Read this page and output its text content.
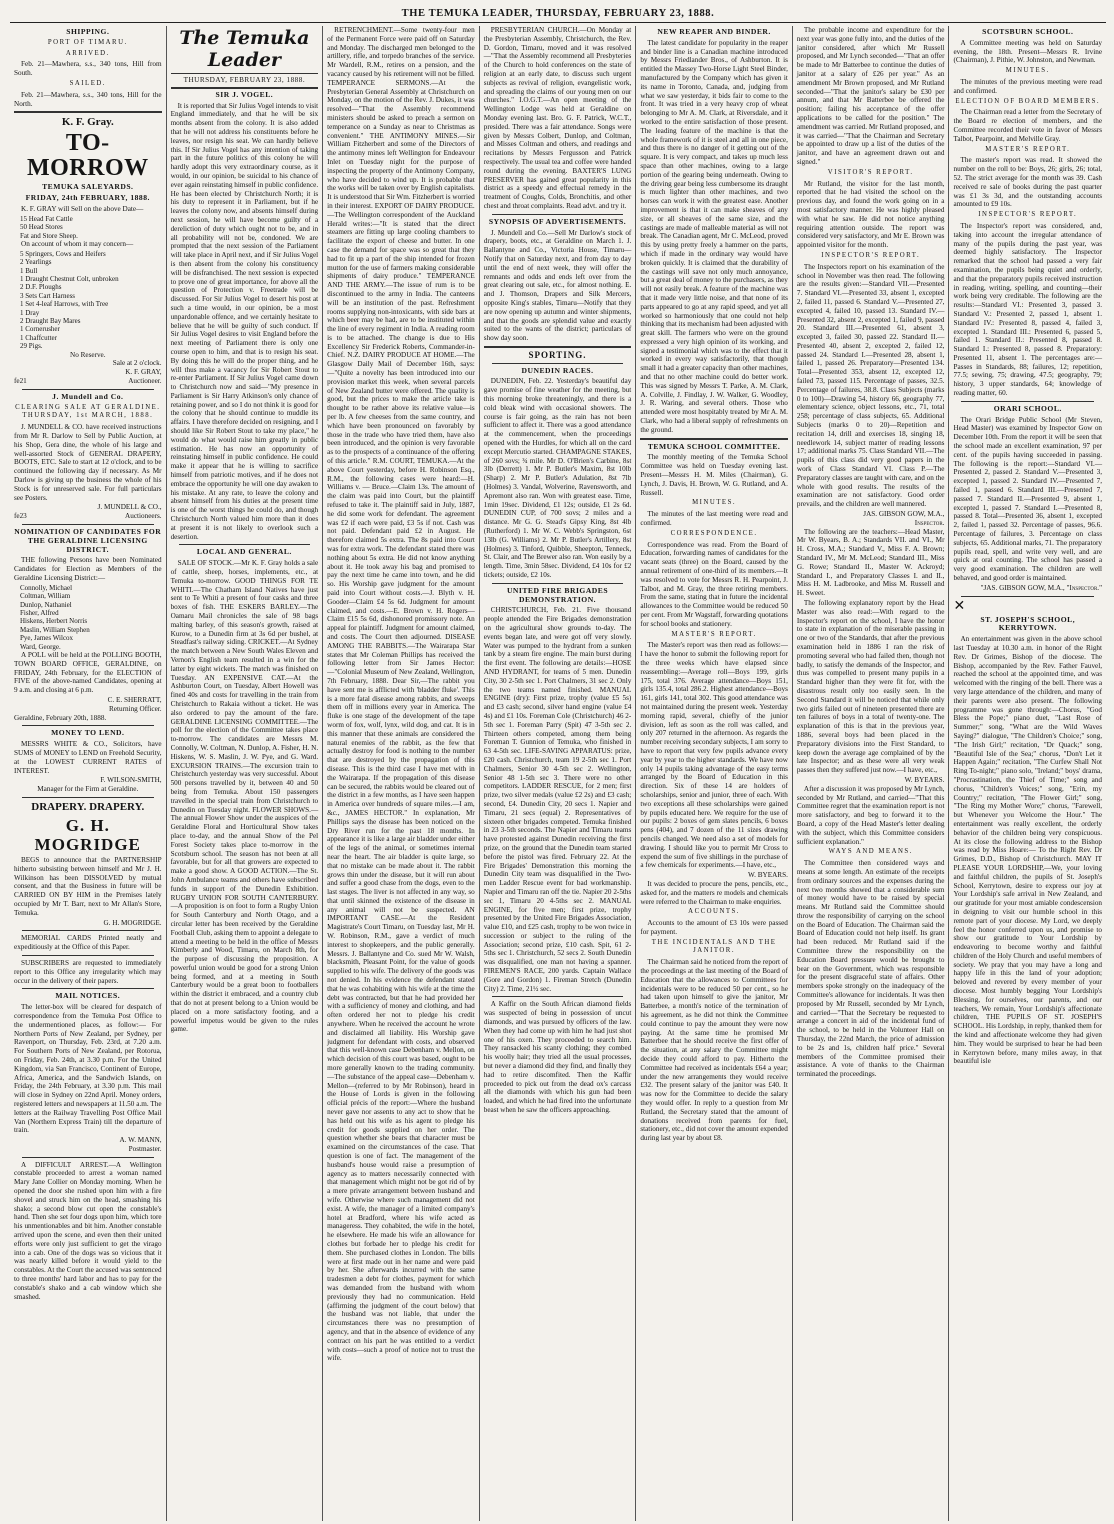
THE TEMUKA LEADER, THURSDAY, FEBRUARY 23, 1888.
SHIPPING.
PORT OF TIMARU.
ARRIVED.

Feb. 21—Mawhera, s.s., 340 tons, Hill from South.

SAILED.

Feb. 21—Mawhera, s.s., 340 tons, Hill for the North.

K. F. Gray.
TO-MORROW
TEMUKA SALEYARDS.
FRIDAY, 24th FEBRUARY, 1888.

K. F. GRAY will Sell on the above Date—

15 Head Fat Cattle
50 Head Stores
Fat and Store Sheep.

On account of whom it may concern—

5 Springers, Cows and Heifers
2 Yearlings
1 Bull
1 Draught Chestnut Colt, unbroken
2 D.F. Ploughs
3 Sets Cart Harness
1 Set 4-leaf Harrows, with Tree
1 Dray
2 Draught Bay Mares
1 Cornerusher
1 Chaffcutter
29 Pigs.
No Reserve.
Sale at 2 o'clock.
K. F. GRAY,
fe21	Auctioneer.
J. Mundell and Co.
CLEARING SALE AT GERALDINE. THURSDAY, 1st MARCH, 1888.

J. MUNDELL & CO. have received instructions from Mr R. Darlow to Sell by Public Auction, at his Shop, Gera dine, the whole of his large and well-assorted Stock of GENERAL DRAPERY, BOOTS, ETC. Sale to start at 12 o'clock, and to be continued the following day if necessary. As Mr Darlow is giving up the business the whole of his Stock is for unreserved sale. For full particulars see Posters.

J. MUNDELL & CO.,
fe23	Auctioneers.
NOMINATION OF CANDIDATES FOR THE GERALDINE LICENSING DISTRICT.

THE following Persons have been Nominated Candidates for Election as Members of the Geraldine Licensing District:—

Connolly, Michael
Coltman, William
Dunlop, Nathaniel
Fisher, Alfred
Hiskens, Herbert Norris
Maslin, William Stephen
Pye, James Wilcox
Ward, George.

A POLL will be held at the POLLING BOOTH, TOWN BOARD OFFICE, GERALDINE, on FRIDAY, 24th February, for the ELECTION of FIVE of the above-named Candidates, opening at 9 a.m. and closing at 6 p.m.

C. E. SHERRATT,
Returning Officer.
Geraldine, February 20th, 1888.
MONEY TO LEND.

MESSRS WHITE & CO., Solicitors, have SUMS of MONEY to LEND on Freehold Security, at the LOWEST CURRENT RATES of INTEREST.

F. WILSON-SMITH,
Manager for the Firm at Geraldine.
DRAPERY. DRAPERY.
G. H. MOGRIDGE

BEGS to announce that the PARTNERSHIP hitherto subsisting between himself and Mr J. H. Wilkinson has been DISSOLVED by mutual consent, and that the Business in future will be CARRIED ON BY HIM in the Premises lately occupied by Mr T. Barr, next to Mr Allan's Store, Temuka.

G. H. MOGRIDGE.

MEMORIAL CARDS Printed neatly and expeditiously at the Office of this Paper.

SUBSCRIBERS are requested to immediately report to this Office any irregularity which may occur in the delivery of their papers.

MAIL NOTICES.

The letter-box will be cleared for despatch of correspondence from the Temuka Post Office to the undermentioned places, as follow:— For Northern Ports of New Zealand, per Sydney, per Ravenport, on Thursday, Feb. 23rd, at 7.20 a.m. For Southern Ports of New Zealand, per Rotorua, on Friday, Feb. 24th, at 3.30 p.m. For the United Kingdom, via San Francisco, Continent of Europe, Africa, America, and the Sandwich Islands, on Friday, the 24th February, at 3.30 p.m. This mail will close in Sydney on 22nd April. Money orders, registered letters and newspapers at 11.50 a.m. The letters at the Railway Travelling Post Office Mail Van (Northern Express Train) till the departure of train.

A. W. MANN,
Postmaster.

A DIFFICULT ARREST.—A Wellington constable proceeded to arrest a woman named Mary Jane Collier on Monday morning. When he opened the door she rushed upon him with a fire shovel and struck him on the head, smashing his shako; a second blow cut open the constable's hand. Then she set four dogs upon him, which tore his unmentionables and bit him. Another constable arrived upon the scene, and even then their united efforts were only just sufficient to get the virago into a cab. One of the dogs was so vicious that it was nearly killed before it would yield to the constables. At the Court the accused was sentenced to three months' hard labor and has to pay for the constable's shako and a cab window which she smashed.

The Temuka Leader
THURSDAY, FEBRUARY 23, 1888.
SIR J. VOGEL.

It is reported that Sir Julius Vogel intends to visit England immediately, and that he will be six months absent from the colony. It is also added that he will not address his constituents before he leaves, nor resign his seat. We can hardly believe this. If Sir Julius Vogel has any intention of taking part in the future politics of this colony he will hardly adopt this very extraordinary course, as it would, in our opinion, be suicidal to his chance of ever again reinstating himself in public confidence. He has been elected by Christchurch North; it is his duty to represent it in Parliament, but if he leaves the colony now, and absents himself during next session, he will have become guilty of a dereliction of duty which ought not to be, and in all probability will not be, condoned. We are prompted that the next session of the Parliament will take place in April next, and if Sir Julius Vogel is then absent from the colony his constituency will be disfranchised. The next session is expected to prove one of great importance, for above all the question of Protection v. Freetrade will be discussed. For Sir Julius Vogel to desert his post at such a time would, in our opinion, be a most unpardonable offence, and we certainly hesitate to believe that he will be guilty of such conduct. If Sir Julius Vogel desires to visit England before the next meeting of Parliament there is only one course open to him, and that is to resign his seat. By doing this he will do the proper thing, and he will thus make a vacancy for Sir Robert Stout to re-enter Parliament. If Sir Julius Vogel came down to Christchurch now and said—"My presence in Parliament is Sir Harry Atkinson's only chance of retaining power, and so I do not think it is good for the colony that he should continue to muddle its affairs. I have therefore decided on resigning, and I should like Sir Robert Stout to take my place," he would do what would raise him greatly in public estimation. He has now an opportunity of reinstating himself in public confidence. He could make it appear that he is willing to sacrifice himself from patriotic motives, and if he does not embrace the opportunity he will one day awaken to his mistake. At any rate, to leave the colony and absent himself from his duties at the present time is one of the worst things he could do, and though Christchurch North valued him more than it does at present it is not likely to overlook such a desertion.

LOCAL AND GENERAL.

SALE OF STOCK.—Mr K. F. Gray holds a sale of cattle, sheep, horses, implements, etc., at Temuka to-morrow. GOOD THINGS FOR TE WHITI.—The Chatham Island Natives have just sent to Te Whiti a present of four casks and three boxes of fish. THE ESKERS BARLEY.—The Oamaru Mail chronicles the sale of 98 bags malting barley, of this season's growth, raised at Kurow, to a Dunedin firm at 3s 6d per bushel, at Steadfast's railway siding. CRICKET.—At Sydney the match between a New South Wales Eleven and Vernon's English team resulted in a win for the latter by eight wickets. The match was finished on Tuesday. AN EXPENSIVE CAT.—At the Ashburton Court, on Tuesday, Albert Howell was fined 40s and costs for travelling in the train from Christchurch to Rakaia without a ticket. He was also ordered to pay the amount of the fare. GERALDINE LICENSING COMMITTEE.—The poll for the election of the Committee takes place to-morrow. The candidates are Messrs M. Connolly, W. Coltman, N. Dunlop, A. Fisher, H. N. Hiskens, W. S. Maslin, J. W. Pye, and G. Ward. EXCURSION TRAINS.—The excursion train to Christchurch yesterday was very successful. About 500 persons travelled by it, between 40 and 50 being from Temuka. About 150 passengers travelled in the special train from Christchurch to Dunedin on Tuesday night. FLOWER SHOWS.—The annual Flower Show under the auspices of the Geraldine Floral and Horticultural Show takes place to-day, and the annual Show of the Pel Forest Society takes place to-morrow in the Scotsburn school. The season has not been at all favorable, but for all that growers are expected to make a good show. A GOOD ACTION.—The St. John Ambulance teams and others have subscribed funds in support of the Dunedin Exhibition. RUGBY UNION FOR SOUTH CANTERBURY.—A proposition is on foot to form a Rugby Union for South Canterbury and North Otago, and a circular letter has been received by the Geraldine Football Club, asking them to appoint a delegate to attend a meeting to be held in the office of Messrs Kimberly and Wood, Timaru, on March 8th, for the purpose of discussing the proposition. A powerful union would be good for a strong Union being formed, and at a meeting in South Canterbury would be a great boon to footballers within the district it embraced, and a country club that do not at present belong to a Union would be placed on a more satisfactory footing, and a powerful impetus would be given to the rules game.

RETRENCHMENT.—Some twenty-four men of the Permanent Force were paid off on Saturday and Monday. The discharged men belonged to the artillery, rifle, and torpedo branches of the service. Mr Wardell, R.M., retires on a pension, and the vacancy caused by his retirement will not be filled. TEMPERANCE SERMONS.—At the Presbyterian General Assembly at Christchurch on Monday, on the motion of the Rev. J. Dukes, it was resolved—"That the Assembly recommend ministers should be asked to preach a sermon on temperance on a Sunday as near to Christmas as convenient." THE ANTIMONY MINES.—Sir William Fitzherbert and some of the Directors of the antimony mines left Wellington for Endeavour Inlet on Tuesday night for the purpose of inspecting the property of the Antimony Company, who have decided to wind up. It is probable that the works will be taken over by English capitalists. It is understood that Sir Wm. Fitzherbert is worried in their interest. EXPORT OF DAIRY PRODUCE.—The Wellington correspondent of the Auckland Herald writes:—"It is stated that the direct steamers are fitting up large cooling chambers to facilitate the export of cheese and butter. In one case the demand for space was so great that they had to fit up a part of the ship intended for frozen mutton for the use of farmers making considerable shipments of dairy produce." TEMPERANCE AND THE ARMY.—The issue of rum is to be discontinued to the army in India. The canteens will be an institution of the past. Refreshment rooms supplying non-intoxicants, with side bars at which beer may be had, are to be instituted within the line of every regiment in India. A reading room is to be attached. The change is due to His Excellency Sir Frederick Roberts, Commander-in-Chief. N.Z. DAIRY PRODUCE AT HOME.—The Glasgow Daily Mail of December 16th, says:—"Quite a novelty has been introduced into our provision market this week, when several parcels of New Zealand butter were offered. The quality is good, but the prices to make the article take is thought to be rather above its relative value—is per lb. A few cheeses from the same country, and which have been pronounced on favorably by those in the trade who have tried them, have also been introduced, and the opinion is very favorable as to the prospects of a continuance of the offering of this article." R.M. COURT, TEMUKA.—At the above Court yesterday, before H. Robinson Esq., R.M., the following cases were heard:—H. Williams v. — Bruce.—Claim 13s. The amount of the claim was paid into Court, but the plaintiff refused to take it. The plaintiff said in July, 1887, he did some work for defendant. The agreement was £2 if each were paid, £3 5s if not. Cash was not paid. Defendant paid £2 in August. He therefore claimed 5s extra. The 8s paid into Court was for extra work. The defendant stated there was nothing about 5s extra. He did not know anything about it. He took away his bag and promised to pay the next time he came into town, and he did so. His Worship gave judgment for the amount paid into Court without costs.—J. Blyth v. H. Gooder—Claim £4 5s 6d. Judgment for amount claimed, and costs.—E. Brown v. H. Rogers—Claim £15 5s 6d, dishonored promissory note. An appeal for plaintiff. Judgment for amount claimed, and costs. The Court then adjourned. DISEASE AMONG THE RABBITS.—The Wairarapa Star states that Mr Coleman Phillips has received the following letter from Sir James Hector:—"Colonial Museum of New Zealand, Wellington, 7th February, 1888. Dear Sir,—The rabbit you have sent me is afflicted with 'bladder fluke'. This is a more fatal disease among rabbits, and sweeps them off in millions every year in America. The fluke is one stage of the development of the tape worm of fox, wolf, lynx, wild dog, and cat. It is in this manner that these animals are considered the natural enemies of the rabbit, as the few that actually destroy for food is nothing to the number that are destroyed by the propagation of this disease. This is the third case I have met with in the Wairarapa. If the propagation of this disease can be secured, the rabbits would be cleared out of the district in a few months, as I have seen happen in America over hundreds of square miles.—I am, &c., JAMES HECTOR." In explanation, Mr Phillips says the disease has been noticed on the Dry River run for the past 18 months. In appearance it is like a large air bladder under either of the legs of the animal, or sometimes internal near the heart. The air bladder is quite large, so that no mistake can be made about it. The rabbit grows thin under the disease, but it will run about and suffer a good chase from the dogs, even to the last stages. The liver is not affected in any way, so that until skinned the existence of the disease in any animal will not be suspected. AN IMPORTANT CASE.—At the Resident Magistrate's Court Timaru, on Tuesday last, Mr H. W. Robinson, R.M., gave a verdict of much interest to shopkeepers, and the public generally. Messrs. J. Ballantyne and Co. sued Mr W. Walsh, blacksmith, Pleasant Point, for the value of goods supplied to his wife. The delivery of the goods was not denied. In his evidence the defendant stated that he was cohabiting with his wife at the time the debt was contracted, but that he had provided her with a sufficiency of money and clothing, and had often ordered her not to pledge his credit anywhere. When he received the account he wrote and disclaimed all liability. His Worship gave judgment for defendant with costs, and observed that this well-known case Debenham v. Mellon, on which decision of this court was based, ought to be more generally known to the trading community.—The substance of the appeal case—Debenham v. Mellon—(referred to by Mr Robinson), heard in the House of Lords is given in the following official précis of the report:—Where the husband never gave nor assents to any act to show that he has held out his wife as his agent to pledge his credit for goods supplied on her order. The question whether she bears that character must be examined on the circumstances of the case. That question is one of fact. The management of the husband's house would raise a presumption of agency as to matters necessarily connected with that management which might not be got rid of by a mere private arrangement between husband and wife. Otherwise where such management did not exist. A wife, the manager of a limited company's hotel at Bradford, where his wife acted as manageress. They cohabited, the wife in the hotel, he elsewhere. He made his wife an allowance for clothes but forbade her to pledge his credit for them. She purchased clothes in London. The bills were at first made out in her name and were paid by her. She afterwards incurred with the same tradesmen a debt for clothes, payment for which was demanded from the husband with whom previously they had no communication. Held (affirming the judgment of the court below) that the husband was not liable, that under the circumstances there was no presumption of agency, and that in the absence of evidence of any contract on his part he was entitled to a verdict with costs—such a proof of notice not to trust the wife.

PRESBYTERIAN CHURCH.—On Monday at the Presbyterian Assembly, Christchurch, the Rev. D. Gordon, Timaru, moved and it was resolved—"That the Assembly recommend all Presbyteries of the Church to hold conferences on the state of religion at an early date, to discuss such urgent subjects as revival of religion, evangelistic work, and spreading the claims of our young men on our churches." I.O.G.T.—An open meeting of the Wellington Lodge was held at Geraldine on Monday evening last. Bro. G. F. Patrick, W.C.T., presided. There was a fair attendance. Songs were given by Messrs Colbert, Dunlop, and Coltman, and Misses Coltman and others, and readings and recitations by Messrs Fergusson and Patrick respectively. The usual tea and coffee were handed round during the evening. BAXTER'S LUNG PRESERVER has gained great popularity in this district as a speedy and effectual remedy in the treatment of Coughs, Colds, Bronchitis, and other chest and throat complaints. Read advt. and try it.

SYNOPSIS OF ADVERTISEMENTS.

J. Mundell and Co.—Sell Mr Darlow's stock of drapery, boots, etc., at Geraldine on March 1. J. Ballantyne and Co., Victoria House, Timaru—Notify that on Saturday next, and from day to day until the end of next week, they will offer the remnants and odds and ends left over from the great clearing out sale, etc., for almost nothing. E. and J. Thomson, Drapers and Silk Mercers, opposite King's stables, Timaru—Notify that they are now opening up autumn and winter shipments, and that the goods are splendid value and exactly suited to the wants of the district; particulars of show day soon.

SPORTING.
DUNEDIN RACES.

DUNEDIN, Feb. 22. Yesterday's beautiful day gave promise of fine weather for the meeting, but this morning broke threateningly, and there is a cold bleak wind with occasional showers. The course is fair going, as the rain has not been sufficient to affect it. There was a good attendance at the commencement, when the proceedings opened with the Hurdles, for which all on the card except Mercutio started. CHAMPAGNE STAKES, of 260 sovs; ¾ mile. Mr D. O'Brien's Carbine, 8st 3lb (Derrett) 1. Mr P. Butler's Maxim, 8st 10lb (Sharp) 2. Mr P. Butler's Adulation, 8st 7lb (Holmes) 3. Vandal, Wolverine, Ravensworth, and Apremont also ran. Won with greatest ease. Time, 1min 19sec. Dividend, £1 12s; outside, £1 2s 6d. DUNEDIN CUP, of 700 sovs; 2 miles and a distance. Mr G. G. Stead's Gipsy King, 8st 4lb (Rutherford) 1. Mr W. C. Webb's Springston, 6st 13lb (G. Williams) 2. Mr P. Butler's Artillery, 8st (Holmes) 3. Tinford, Quibble, Sheepton, Tenneck, St. Clair, and The Brewer also ran. Won easily by a length. Time, 3min 58sec. Dividend, £4 10s for £2 tickets; outside, £2 10s.

UNITED FIRE BRIGADES DEMONSTRATION.

CHRISTCHURCH, Feb. 21. Five thousand people attended the Fire Brigades demonstration on the agricultural show grounds to-day. The events began late, and were got off very slowly. Water was pumped to the hydrant from a sunken tank by a steam fire engine. The main burst during the first event. The following are details:—HOSE AND HYDRANT, for teams of 5 men. Dunedin City, 30 2-5th sec 1. Port Chalmers, 31 sec 2. Only the two teams named finished. MANUAL ENGINE (dry): First prize, trophy (value £5 5s) and £3 cash; second, silver hand engine (value £4 4s) and £1 10s. Foreman Cole (Christchurch) 46 2-5th sec 1. Foreman Parry (Spit) 47 3-5th sec 2. Thirteen others competed, among them being Foreman T. Gunnion of Temuka, who finished in 63 4-5th sec. LIFE-SAVING APPARATUS: prize, £20 cash. Christchurch, team 19 2-5th sec 1. Port Chalmers, Senior 30 4-5th sec 2. Wellington, Senior 48 1-5th sec 3. There were no other competitors. LADDER RESCUE, for 2 men; first prize, two silver medals (value £2 2s) and £3 cash; second, £4. Dunedin City, 20 secs 1. Napier and Timaru, 21 secs (equal) 2. Representatives of sixteen other brigades competed. Temuka finished in 23 3-5th seconds. The Napier and Timaru teams have protested against Dunedin receiving the first prize, on the ground that the Dunedin team started before the pistol was fired. February 22. At the Fire Brigades' Demonstration this morning the Dunedin City team was disqualified in the Two-men Ladder Rescue event for bad workmanship. Napier and Timaru ran off the tie. Napier 20 2-5ths sec 1, Timaru 20 4-5ths sec 2. MANUAL ENGINE, for five men; first prize, trophy presented by the United Fire Brigades Association, value £10, and £25 cash, trophy to be won twice in succession or subject to the ruling of the Association; second prize, £10 cash. Spit, 61 2-5ths sec 1. Christchurch, 52 secs 2. South Dunedin was disqualified, one man not having a spanner. FIREMEN'S RACE, 200 yards. Captain Wallace (Gore and Gordon) 1. Fireman Stretch (Dunedin City) 2. Time, 21½ sec.

A Kaffir on the South African diamond fields was suspected of being in possession of uncut diamonds, and was pursued by officers of the law. When they had come up with him he had just shot one of his oxen. They proceeded to search him. They ransacked his scanty clothing; they combed his woolly hair; they tried all the usual processes, but never a diamond did they find, and finally they had to retire discomfited. Then the Kaffir proceeded to pick out from the dead ox's carcass all the diamonds with which his gun had been loaded, and which he had fired into the unfortunate beast when he saw the officers approaching.

NEW REAPER AND BINDER.

The latest candidate for popularity in the reaper and binder line is a Canadian machine introduced by Messrs Friedlander Bros., of Ashburton. It is entitled the Massey Two-Horse Light Steel Binder, manufactured by the Company which has given it its name in Toronto, Canada, and, judging from what we saw yesterday, it bids fair to come to the front. It was tried in a very heavy crop of wheat belonging to Mr A. M. Clark, at Riversdale, and it worked to the entire satisfaction of those present. The leading feature of the machine is that the whole framework of it is steel and all in one piece, and thus there is no danger of it getting out of the square. It is very compact, and takes up much less space than other machines, owing to a large portion of the gearing being underneath. Owing to the driving gear being less cumbersome its draught is much lighter than other machines, and two horses can work it with the greatest ease. Another improvement is that it can make sheaves of any size, or all sheaves of the same size, and the castings are made of malleable material as will not break. The Canadian agent, Mr C. McLeod, proved this by using pretty freely a hammer on the parts, which if made in the ordinary way would have broken quickly. It is claimed that the durability of the castings will save not only much annoyance, but a great deal of money to the purchasers, as they will not easily break. A feature of the machine was that it made very little noise, and that none of its parts appeared to go at any rapid speed, and yet all worked so harmoniously that one could not help thinking that its mechanism had been adjusted with great skill. The farmers who were on the ground expressed a very high opinion of its working, and signed a testimonial which was to the effect that it worked in every way satisfactorily, that though small it had a greater capacity than other machines, and that no other machine could do better work. This was signed by Messrs T. Parke, A. M. Clark, A. Colville, J. Findlay, J. W. Walker, G. Woodley, J. R. Waring, and several others. Those who attended were most hospitably treated by Mr A. M. Clark, who had a liberal supply of refreshments on the ground.

TEMUKA SCHOOL COMMITTEE.

The monthly meeting of the Temuka School Committee was held on Tuesday evening last. Present—Messrs H. M. Miles (Chairman), G. Lynch, J. Davis, H. Brown, W. G. Rutland, and A. Russell.

MINUTES.

The minutes of the last meeting were read and confirmed.

CORRESPONDENCE.

Correspondence was read. From the Board of Education, forwarding names of candidates for the vacant seats (three) on the Board, caused by the annual retirement of one-third of its members.—It was resolved to vote for Messrs R. H. Pearpoint, J. Talbot, and M. Gray, the three retiring members. From the same, stating that in future the incidental allowances to the Committee would be reduced 50 per cent. From Mr Wagstaff, forwarding quotations for school books and stationery.

MASTER'S REPORT.

The Master's report was then read as follows:— I have the honor to submit the following report for the three weeks which have elapsed since reassembling:—Average roll—Boys 199, girls 175, total 376. Average attendance—Boys 151, girls 135.4, total 286.2. Highest attendance—Boys 161, girls 141, total 302. This good attendance was not maintained during the present week. Yesterday morning rapid, several, chiefly of the junior division, left as soon as the roll was called, and only 207 returned in the afternoon. As regards the number receiving secondary subjects, I am sorry to have to report that very few pupils advance every year by year to the higher standards. We have now only 14 pupils taking advantage of the easy terms arranged by the Board of Education in this direction. Six of these 14 are holders of scholarships, senior and junior, three of each. With two exceptions all these scholarships were gained by pupils educated here. We require for the use of our pupils: 2 boxes of gem slates pencils, 6 boxes pens (404), and 7 dozen of the 11 sizes drawing pencils changed. We need also a set of models for drawing. I should like you to permit Mr Cross to expend the sum of five shillings in the purchase of a few chemicals for experiments.—I have, etc.,

W. BYEARS.

It was decided to procure the pens, pencils, etc., asked for, and the matters re models and chemicals were referred to the Chairman to make enquiries.

ACCOUNTS.

Accounts to the amount of £3 10s were passed for payment.

THE INCIDENTALS AND THE JANITOR.

The Chairman said he noticed from the report of the proceedings at the last meeting of the Board of Education that the allowances to Committees for incidentals were to be reduced 50 per cent., so he had taken upon himself to give the janitor, Mr Batterbee, a month's notice of the termination of his agreement, as he did not think the Committee could continue to pay the amount they were now paying. At the same time he promised Mr Batterbee that he should receive the first offer of the situation, at any salary the Committee might decide they could afford to pay. Hitherto the Committee had received as incidentals £64 a year; under the new arrangements they would receive £32. The present salary of the janitor was £40. It was now for the Committee to decide the salary they would offer. In reply to a question from Mr Rutland, the Secretary stated that the amount of donations received from parents for fuel, stationery, etc., did not cover the amount expended during last year by about £8.

The probable income and expenditure for the next year was gone fully into, and the duties of the janitor considered, after which Mr Russell proposed, and Mr Lynch seconded—"That an offer be made to Mr Batterbee to continue the duties of janitor at a salary of £26 per year." As an amendment Mr Brown proposed, and Mr Rutland seconded—"That the janitor's salary be £30 per annum, and that Mr Batterbee be offered the position; failing his acceptance of the offer applications to be called for the position." The amendment was carried. Mr Rutland proposed, and it was carried—"That the Chairman and Secretary be appointed to draw up a list of the duties of the janitor, and have an agreement drawn out and signed."

VISITOR'S REPORT.

Mr Rutland, the visitor for the last month, reported that he had visited the school on the previous day, and found the work going on in a most satisfactory manner. He was highly pleased with what he saw. He did not notice anything requiring attention outside. The report was considered very satisfactory, and Mr E. Brown was appointed visitor for the month.

INSPECTOR'S REPORT.

The Inspectors report on his examination of the school in November was then read. The following are the results given:—Standard VII.—Presented 7. Standard VI.—Presented 33, absent 1, excepted 2, failed 11, passed 6. Standard V.—Presented 27, excepted 4, failed 10, passed 13. Standard IV.—Presented 32, absent 2, excepted 1, failed 9, passed 20. Standard III.—Presented 61, absent 3, excepted 3, failed 30, passed 22. Standard II.—Presented 40, absent 2, excepted 2, failed 12, passed 24. Standard I.—Presented 28, absent 1, failed 1, passed 26. Preparatory—Presented 134. Total—Presented 353, absent 12, excepted 12, failed 73, passed 115. Percentage of passes, 32.5. Percentage of failures, 38.8. Class Subjects (marks 0 to 100)—Drawing 54, history 66, geography 77, elementary science, object lessons, etc., 71, total 258; percentage of class subjects, 65. Additional Subjects (marks 0 to 20)—Repetition and recitation 14, drill and exercises 18, singing 18, needlework 14, subject matter of reading lessons 17; additional marks 75. Class Standard VII.—The pupils of this class did very good papers in the work of Class Standard VI. Class P.—The Preparatory classes are taught with care, and on the whole with good results. The results of the examination are not satisfactory. Good order prevails, and the children are well mannered.

JAS. GIBSON GOW, M.A.,
Inspector.

The following are the teachers:—Head Master, Mr W. Byears, B. A.; Standards VII. and VI., Mr H. Cross, M.A.; Standard V., Miss F. A. Brown; Standard IV., Mr M. McLeod; Standard III., Miss G. Rowe; Standard II., Master W. Ackroyd; Standard I., and Preparatory Classes I. and II., Miss H. M. Ladbrooke, and Miss M. Russell and H. Sweet.

The following explanatory report by the Head Master was also read:—With regard to the Inspector's report on the school, I have the honor to state in explanation of the miserable passing in one or two of the Standards, that after the previous examination held in 1886 I ran the risk of promoting several who had failed then, though not badly, to satisfy the demands of the Inspector, and thus was compelled to present many pupils in a Standard higher than they were fit for, with the disastrous result only too easily seen. In the Second Standard it will be noticed that while only two girls failed out of nineteen presented there are ten failures of boys in a total of twenty-one. The explanation of this is that in the previous year, 1886, several boys had been placed in the Preparatory divisions into the First Standard, to keep down the average age complained of by the late Inspector; and as these were all very weak passes then they suffered just now.—I have, etc.,

W. BYEARS.

After a discussion it was proposed by Mr Lynch, seconded by Mr Rutland, and carried—"That this Committee regret that the examination report is not more satisfactory, and beg to forward it to the Board, a copy of the Head Master's letter dealing with the subject, which this Committee considers sufficient explanation."

WAYS AND MEANS.

The Committee then considered ways and means at some length. An estimate of the receipts from ordinary sources and the expenses during the next two months showed that a considerable sum of money would have to be raised by special means. Mr Rutland said the Committee should throw the responsibility of carrying on the school on the Board of Education. The Chairman said the Board of Education could not help itself. Its grant had been reduced. Mr Rutland said if the Committee threw the responsibility on the Education Board pressure would be brought to bear on the Government, which was responsible for the present disgraceful state of affairs. Other members spoke strongly on the inadequacy of the Committee's allowance for incidentals. It was then proposed by Mr Russell, seconded by Mr Lynch, and carried—"That the Secretary be requested to arrange a concert in aid of the incidental fund of the school, to be held in the Volunteer Hall on Thursday, the 22nd March, the price of admission to be 2s and 1s, children half price." Several members of the Committee promised their assistance. A vote of thanks to the Chairman terminated the proceedings.

SCOTSBURN SCHOOL.

A Committee meeting was held on Saturday evening, the 18th. Present—Messrs R. Irvine (Chairman), J. Pithie, W. Johnston, and Newman.

MINUTES.

The minutes of the previous meeting were read and confirmed.

ELECTION OF BOARD MEMBERS.

The Chairman read a letter from the Secretary of the Board re election of members, and the Committee recorded their vote in favor of Messrs Talbot, Pearpoint, and Melville Gray.

MASTER'S REPORT.

The master's report was read. It showed the number on the roll to be: Boys, 26; girls, 26; total, 52. The strict average for the month was 39. Cash received re sale of books during the past quarter was £1 3s 3d, and the outstanding accounts amounted to £9 10s.

INSPECTOR'S REPORT.

The Inspector's report was considered, and, taking into account the irregular attendance of many of the pupils during the past year, was deemed highly satisfactory. The Inspector remarked that the school had passed a very fair examination, the pupils being quiet and orderly, and that the preparatory pupils received instruction in reading, writing, spelling, and counting—their work being very creditable. The following are the results:—Standard VI.: Presented 3, passed 3. Standard V.: Presented 2, passed 1, absent 1. Standard IV.: Presented 8, passed 4, failed 3, excepted 1. Standard III.: Presented 6, passed 5, failed 1. Standard II.: Presented 8, passed 8. Standard I.: Presented 8, passed 8. Preparatory: Presented 11, absent 1. The percentages are:—Passes in Standards, 88; failures, 12; repetition, 77.5; sewing, 75; drawing, 47.5; geography, 79; history, 3 upper standards, 64; knowledge of reading matter, 60.

ORARI SCHOOL.

The Orari Bridge Public School (Mr Steven, Head Master) was examined by Inspector Gow on December 10th. From the report it will be seen that the school made an excellent examination, 97 per cent. of the pupils having succeeded in passing. The following is the report:—Standard VI.—Presented 2, passed 2. Standard V.—Presented 3, excepted 1, passed 2. Standard IV.—Presented 7, failed 1, passed 6. Standard III.—Presented 7, passed 7. Standard II.—Presented 9, absent 1, excepted 1, passed 7. Standard I.—Presented 8, passed 8. Total—Presented 36, absent 1, excepted 2, failed 1, passed 32. Percentage of passes, 96.6. Percentage of failures, 3. Percentage on class subjects, 65. Additional marks, 71. The preparatory pupils read, spell, and write very well, and are quick at oral counting. The school has passed a very good examination. The children are well behaved, and good order is maintained.

"JAS. GIBSON GOW, M.A., "Inspector."
✕
ST. JOSEPH'S SCHOOL, KERRYTOWN.

An entertainment was given in the above school last Tuesday at 10.30 a.m. in honor of the Right Rev. Dr Grimes, Bishop of the diocese. The Bishop, accompanied by the Rev. Father Fauvel, reached the school at the appointed time, and was welcomed with the ringing of the bell. There was a very large attendance of the children, and many of their parents were also present. The following programme was gone through:—Chorus, "God Bless the Pope;" piano duet, "Last Rose of Summer;" song, "What are the Wild Waves Saying?" dialogue, "The Children's Choice;" song, "The Irish Girl;" recitation, "Dr Quack;" song, "Beautiful Isle of the Sea;" chorus, "Don't Let it Happen Again;" recitation, "The Curfew Shall Not Ring To-night;" piano solo, "Ireland;" boys' drama, "Procrastination, the Thief of Time;" song and chorus, "Children's Voices;" song, "Erin, my Country;" recitation, "The Flower Girl;" song, "The Ring my Mother Wore;" chorus, "Farewell, but Whenever you Welcome the Hour." The entertainment was really excellent, the orderly behavior of the children being very conspicuous. At its close the following address to the Bishop was read by Miss Hoare:— To the Right Rev. Dr Grimes, D.D., Bishop of Christchurch. MAY IT PLEASE YOUR LORDSHIP,—We, your loving and faithful children, the pupils of St. Joseph's School, Kerrytown, desire to express our joy at Your Lordship's safe arrival in New Zealand, and our gratitude for your most amiable condescension in deigning to visit our humble school in this remote part of your diocese. My Lord, we deeply feel the honor conferred upon us, and promise to show our gratitude to Your Lordship by endeavoring to become worthy and faithful children of the Holy Church and useful members of society. We pray that you may have a long and happy life in this the land of your adoption; beloved and revered by every member of your diocese. Most humbly begging Your Lordship's Blessing, for ourselves, our parents, and our teachers, We remain, Your Lordship's affectionate children, THE PUPILS OF ST. JOSEPH'S SCHOOL. His Lordship, in reply, thanked them for the kind and affectionate welcome they had given him. They would be surprised to hear he had been in Kerrytown before, many miles away, in that beautiful isle
